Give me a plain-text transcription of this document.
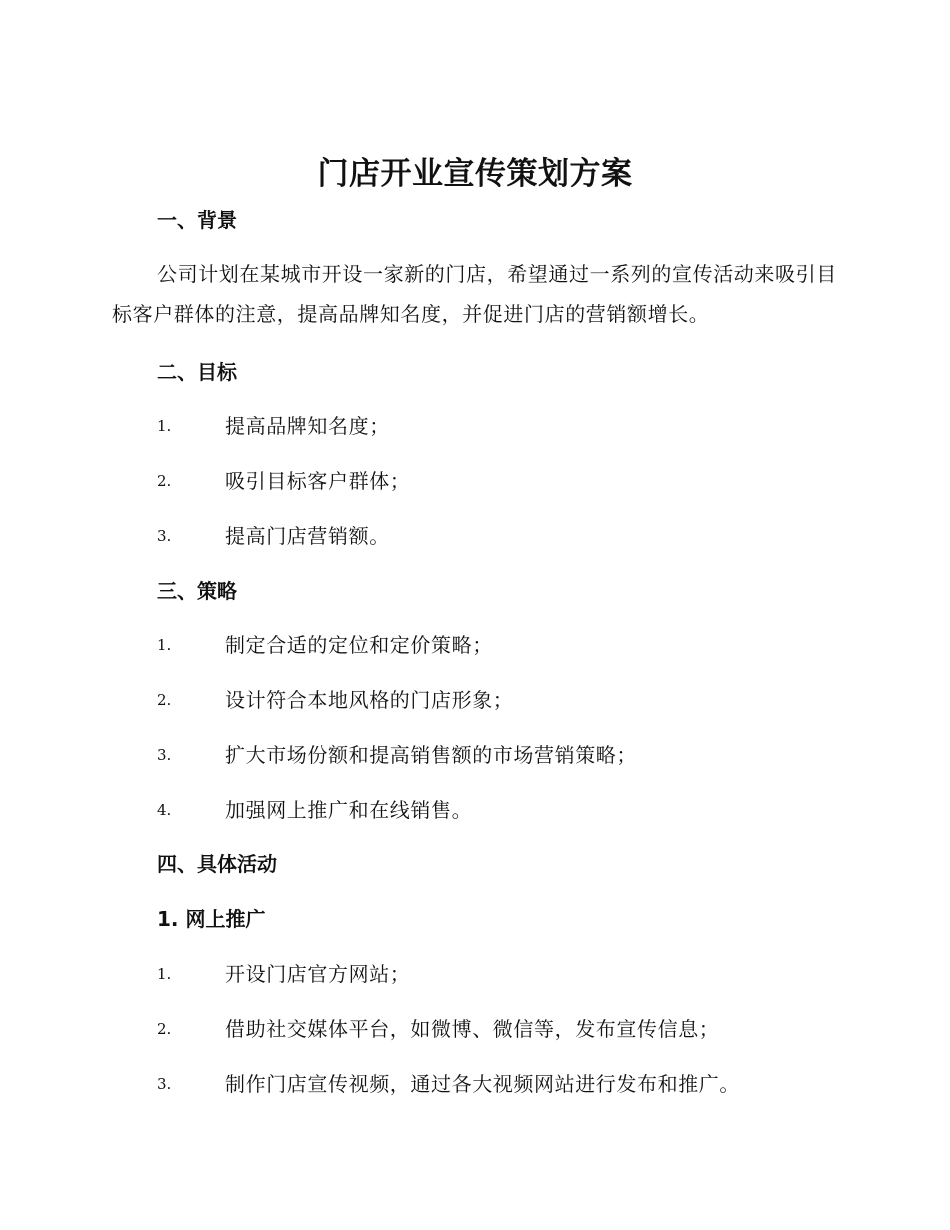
门店开业宣传策划方案
一、背景

公司计划在某城市开设一家新的门店，希望通过一系列的宣传活动来吸引目标客户群体的注意，提高品牌知名度，并促进门店的营销额增长。

二、目标
1.	提高品牌知名度；
2.	吸引目标客户群体；
3.	提高门店营销额。
三、策略
1.	制定合适的定位和定价策略；
2.	设计符合本地风格的门店形象；
3.	扩大市场份额和提高销售额的市场营销策略；
4.	加强网上推广和在线销售。
四、具体活动
1. 网上推广
1.	开设门店官方网站；
2.	借助社交媒体平台，如微博、微信等，发布宣传信息；
3.	制作门店宣传视频，通过各大视频网站进行发布和推广。
